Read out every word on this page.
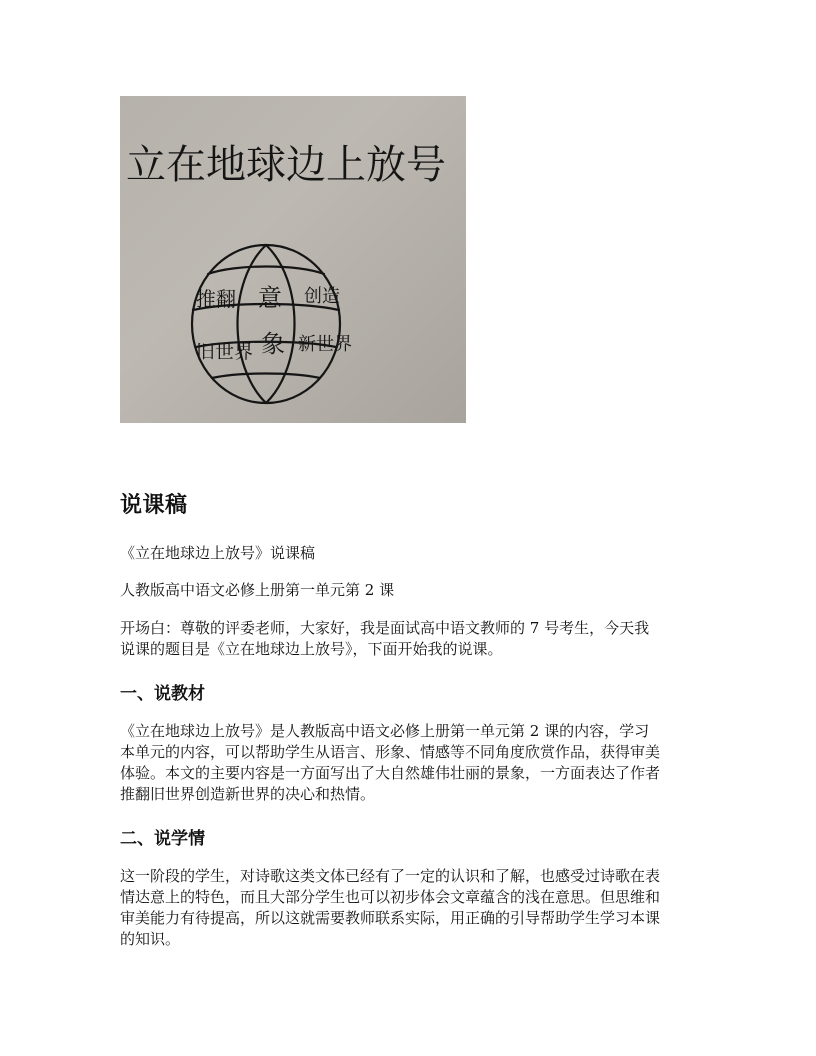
立在地球边上放号
推翻
旧世界
意
象
创造
新世界
说课稿

《立在地球边上放号》说课稿

人教版高中语文必修上册第一单元第 2 课

开场白：尊敬的评委老师，大家好，我是面试高中语文教师的 7 号考生，今天我

说课的题目是《立在地球边上放号》，下面开始我的说课。

一、说教材

《立在地球边上放号》是人教版高中语文必修上册第一单元第 2 课的内容，学习

本单元的内容，可以帮助学生从语言、形象、情感等不同角度欣赏作品，获得审美

体验。本文的主要内容是一方面写出了大自然雄伟壮丽的景象，一方面表达了作者

推翻旧世界创造新世界的决心和热情。

二、说学情

这一阶段的学生，对诗歌这类文体已经有了一定的认识和了解，也感受过诗歌在表

情达意上的特色，而且大部分学生也可以初步体会文章蕴含的浅在意思。但思维和

审美能力有待提高，所以这就需要教师联系实际，用正确的引导帮助学生学习本课

的知识。
